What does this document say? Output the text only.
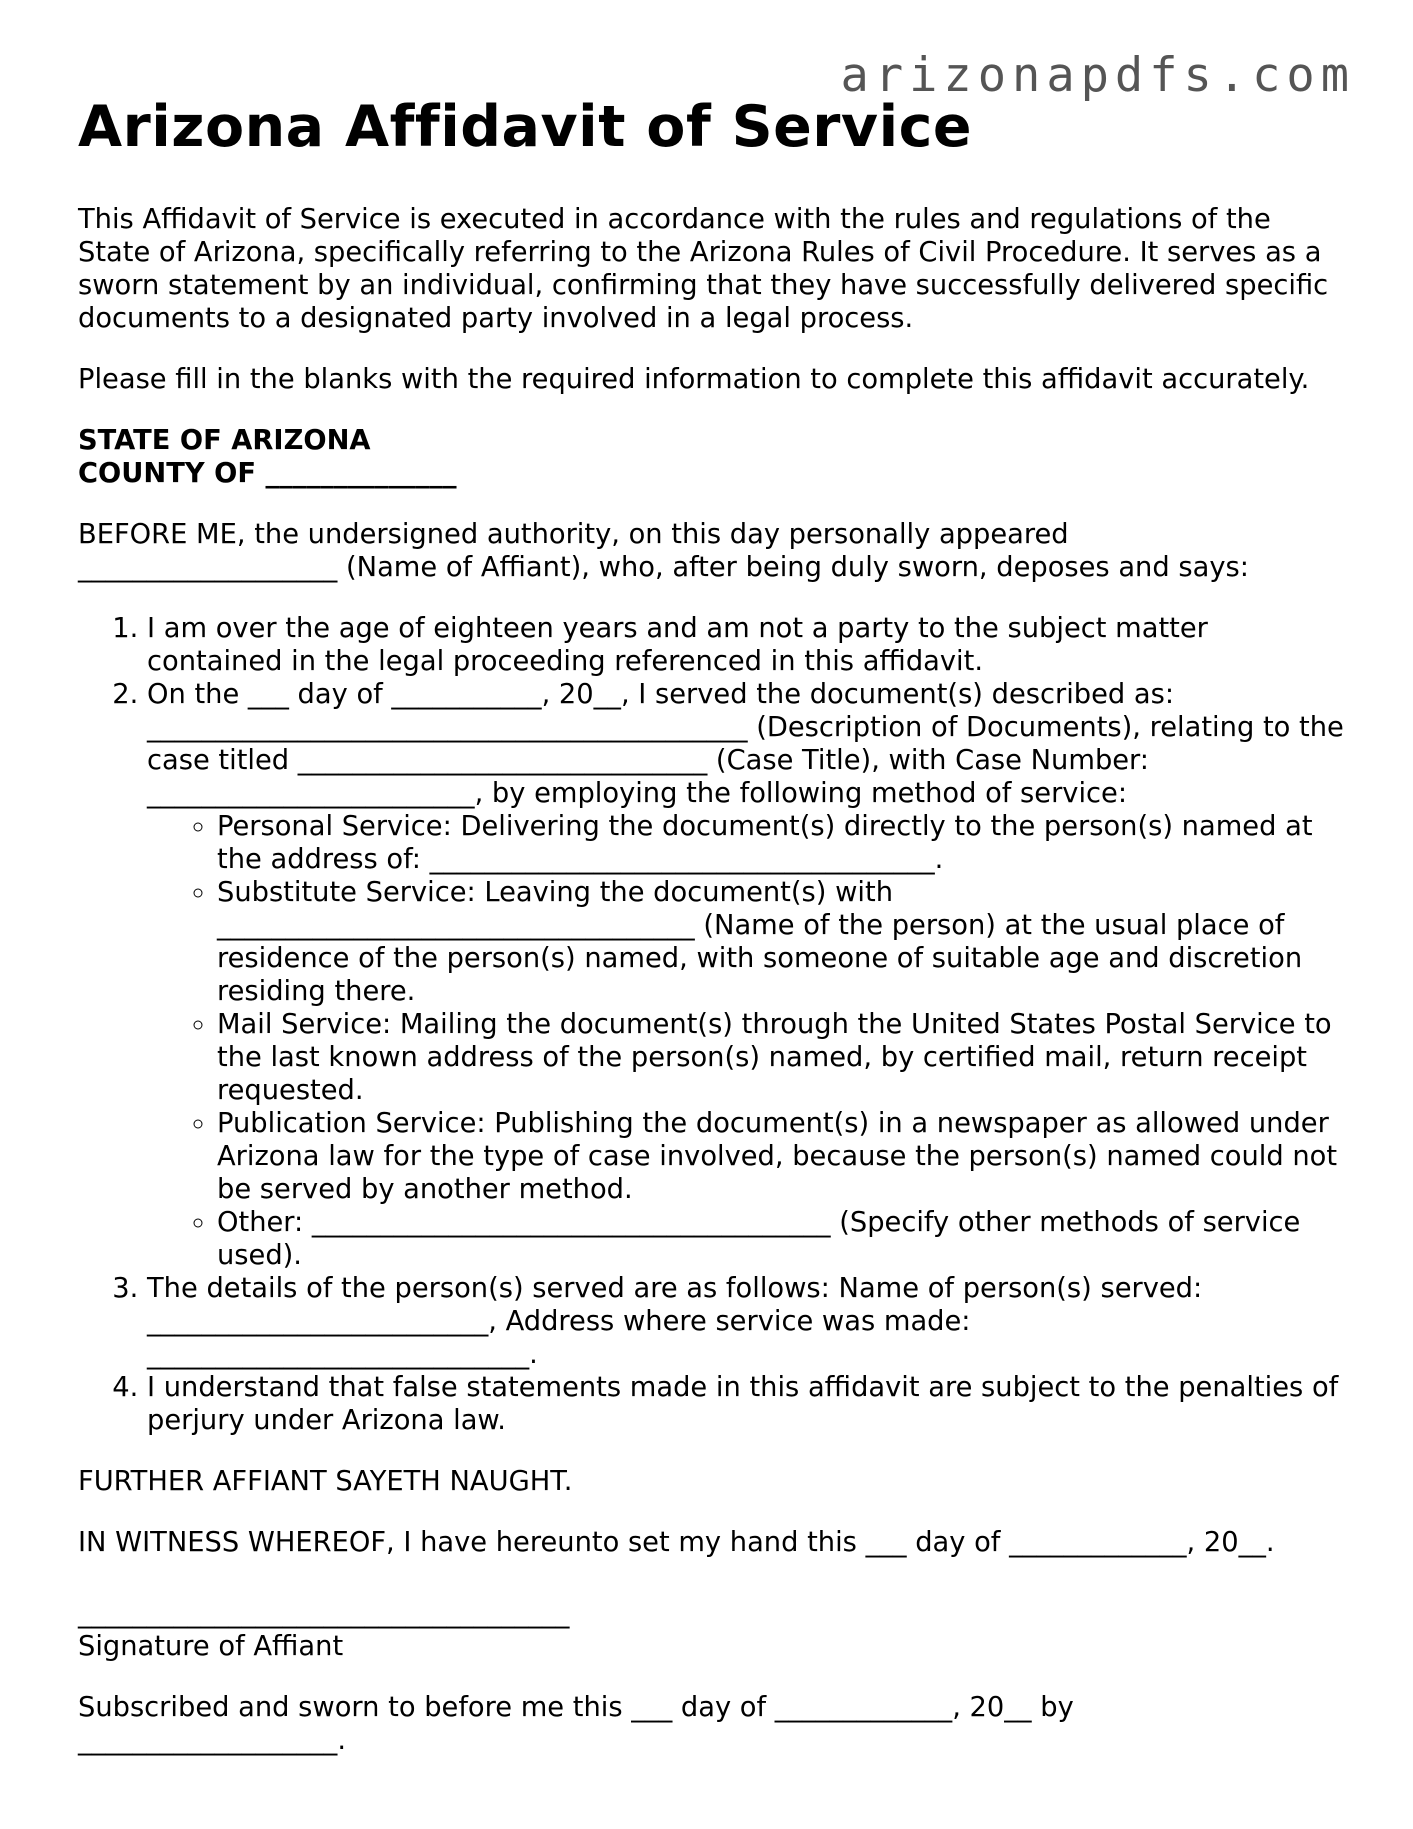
arizonapdfs.com

Arizona Affidavit of Service

This Affidavit of Service is executed in accordance with the rules and regulations of the State of Arizona, specifically referring to the Arizona Rules of Civil Procedure. It serves as a sworn statement by an individual, confirming that they have successfully delivered specific documents to a designated party involved in a legal process.

Please fill in the blanks with the required information to complete this affidavit accurately.

STATE OF ARIZONA

COUNTY OF ______________

BEFORE ME, the undersigned authority, on this day personally appeared

___________________ (Name of Affiant), who, after being duly sworn, deposes and says:

1. I am over the age of eighteen years and am not a party to the subject matter contained in the legal proceeding referenced in this affidavit.
2. On the ___ day of ___________, 20__, I served the document(s) described as: ____________________________________________ (Description of Documents), relating to the case titled ______________________________ (Case Title), with Case Number: ________________________, by employing the following method of service:
◦ Personal Service: Delivering the document(s) directly to the person(s) named at the address of: _____________________________________.
◦ Substitute Service: Leaving the document(s) with ___________________________________ (Name of the person) at the usual place of residence of the person(s) named, with someone of suitable age and discretion residing there.
◦ Mail Service: Mailing the document(s) through the United States Postal Service to the last known address of the person(s) named, by certified mail, return receipt requested.
◦ Publication Service: Publishing the document(s) in a newspaper as allowed under Arizona law for the type of case involved, because the person(s) named could not be served by another method.
◦ Other: ______________________________________ (Specify other methods of service used).
3. The details of the person(s) served are as follows: Name of person(s) served: _________________________, Address where service was made: ____________________________.
4. I understand that false statements made in this affidavit are subject to the penalties of perjury under Arizona law.

FURTHER AFFIANT SAYETH NAUGHT.

IN WITNESS WHEREOF, I have hereunto set my hand this ___ day of _____________, 20__.

____________________________________

Signature of Affiant

Subscribed and sworn to before me this ___ day of _____________, 20__ by

___________________.
